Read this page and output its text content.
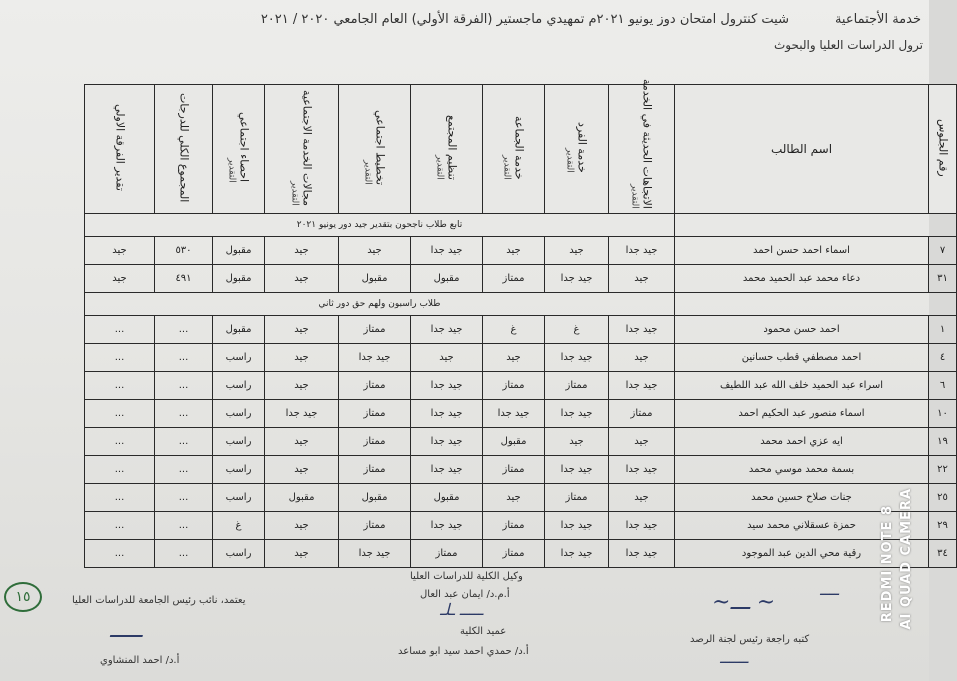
خدمة الأجتماعية
شيت كنترول امتحان دوز يونيو ٢٠٢١م تمهيدي ماجستير (الفرقة الأولي) العام الجامعي ٢٠٢٠ / ٢٠٢١
ترول الدراسات العليا والبحوث
رقم الجلوس	اسم الطالب	الاتجاهات الحديثة في الخدمةالتقدير	خدمة الفردالتقدير	خدمة الجماعةالتقدير	تنظيم المجتمعالتقدير	تخطيط اجتماعيالتقدير	مجالات الخدمة الاجتماعيةالتقدير	احصاء اجتماعيالتقدير	المجموع الكلي للدرجات	تقدير الفرقة الاولي
		تابع طلاب ناجحون بتقدير جيد دور يونيو ٢٠٢١								
٧	اسماء احمد حسن احمد	جيد جدا	جيد	جيد	جيد جدا	جيد	جيد	مقبول	٥٣٠	جيد
٣١	دعاء محمد عبد الحميد محمد	جيد	جيد جدا	ممتاز	مقبول	مقبول	جيد	مقبول	٤٩١	جيد
		طلاب راسبون ولهم حق دور ثاني								
١	احمد حسن محمود	جيد جدا	غ	غ	جيد جدا	ممتاز	جيد	مقبول	...	...
٤	احمد مصطفي قطب حسانين	جيد	جيد جدا	جيد	جيد	جيد جدا	جيد	راسب	...	...
٦	اسراء عبد الحميد خلف الله عبد اللطيف	جيد جدا	ممتاز	ممتاز	جيد جدا	ممتاز	جيد	راسب	...	...
١٠	اسماء منصور عبد الحكيم احمد	ممتاز	جيد جدا	جيد جدا	جيد جدا	ممتاز	جيد جدا	راسب	...	...
١٩	ايه عزي احمد محمد	جيد	جيد	مقبول	جيد جدا	ممتاز	جيد	راسب	...	...
٢٢	بسمة محمد موسي محمد	جيد جدا	جيد جدا	ممتاز	جيد جدا	ممتاز	جيد	راسب	...	...
٢٥	جنات صلاح حسين محمد	جيد	ممتاز	جيد	مقبول	مقبول	مقبول	راسب	...	...
٢٩	حمزة عسقلاني محمد سيد	جيد جدا	جيد جدا	ممتاز	جيد جدا	ممتاز	جيد	غ	...	...
٣٤	رقية محي الدين عبد الموجود	جيد جدا	جيد جدا	ممتاز	ممتاز	جيد جدا	جيد	راسب	...	...
وكيل الكلية للدراسات العليا
أ.م.د/ ايمان عبد العال
ـــــ ـلـ
عميد الكلية
أ.د/ حمدي احمد سيد ابو مساعد
يعتمد، نائب رئيس الجامعة للدراسات العليا
ـــــ
أ.د/ احمد المنشاوي
كتبه راجعة رئيس لجنة الرصد
~ـــ ~
ــــ
ــــــ
١٥	REDMI NOTE 8 AI QUAD CAMERA
